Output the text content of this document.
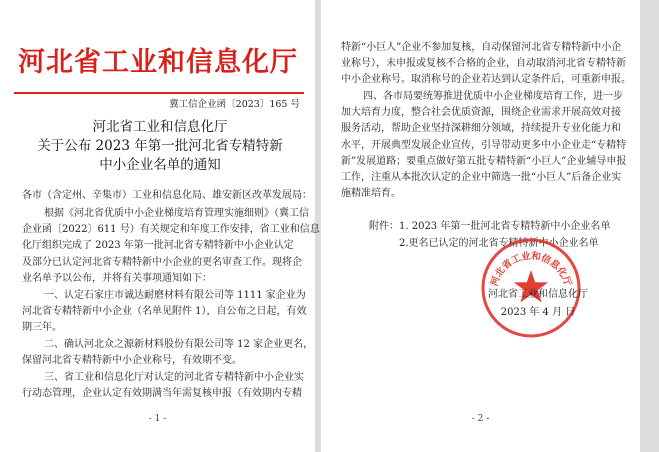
河北省工业和信息化厅
冀工信企业函〔2023〕165 号
河北省工业和信息化厅
关于公布 2023 年第一批河北省专精特新
中小企业名单的通知
各市（含定州、辛集市）工业和信息化局、雄安新区改革发展局：
根据《河北省优质中小企业梯度培育管理实施细则》（冀工信
企业函〔2022〕611 号）有关规定和年度工作安排，省工业和信息
化厅组织完成了 2023 年第一批河北省专精特新中小企业认定
及部分已认定河北省专精特新中小企业的更名审查工作。现将企
业名单予以公布，并将有关事项通知如下：
一、认定石家庄市诚达耐磨材料有限公司等 1111 家企业为
河北省专精特新中小企业（名单见附件 1），自公布之日起，有效
期三年。
二、确认河北众之源新材料股份有限公司等 12 家企业更名，
保留河北省专精特新中小企业称号，有效期不变。
三、省工业和信息化厅对认定的河北省专精特新中小企业实
行动态管理，企业认定有效期满当年需复核申报（有效期内专精
- 1 -
特新“小巨人”企业不参加复核，自动保留河北省专精特新中小企
业称号），未申报或复核不合格的企业，自动取消河北省专精特新
中小企业称号。取消称号的企业若达到认定条件后，可重新申报。
四、各市局要统筹推进优质中小企业梯度培育工作，进一步
加大培育力度，整合社会优质资源，围绕企业需求开展高效对接
服务活动，帮助企业坚持深耕细分领域，持续提升专业化能力和
水平，开展典型发展企业宣传，引导带动更多中小企业走“专精特
新”发展道路；要重点做好第五批专精特新“小巨人”企业辅导申报
工作，注重从本批次认定的企业中筛选一批“小巨人”后备企业实
施精准培育。
附件：1. 2023 年第一批河北省专精特新中小企业名单
2.更名已认定的河北省专精特新中小企业名单
河北省工业和信息化厅
河北省工业和信息化厅
2023 年 4 月 日
- 2 -
